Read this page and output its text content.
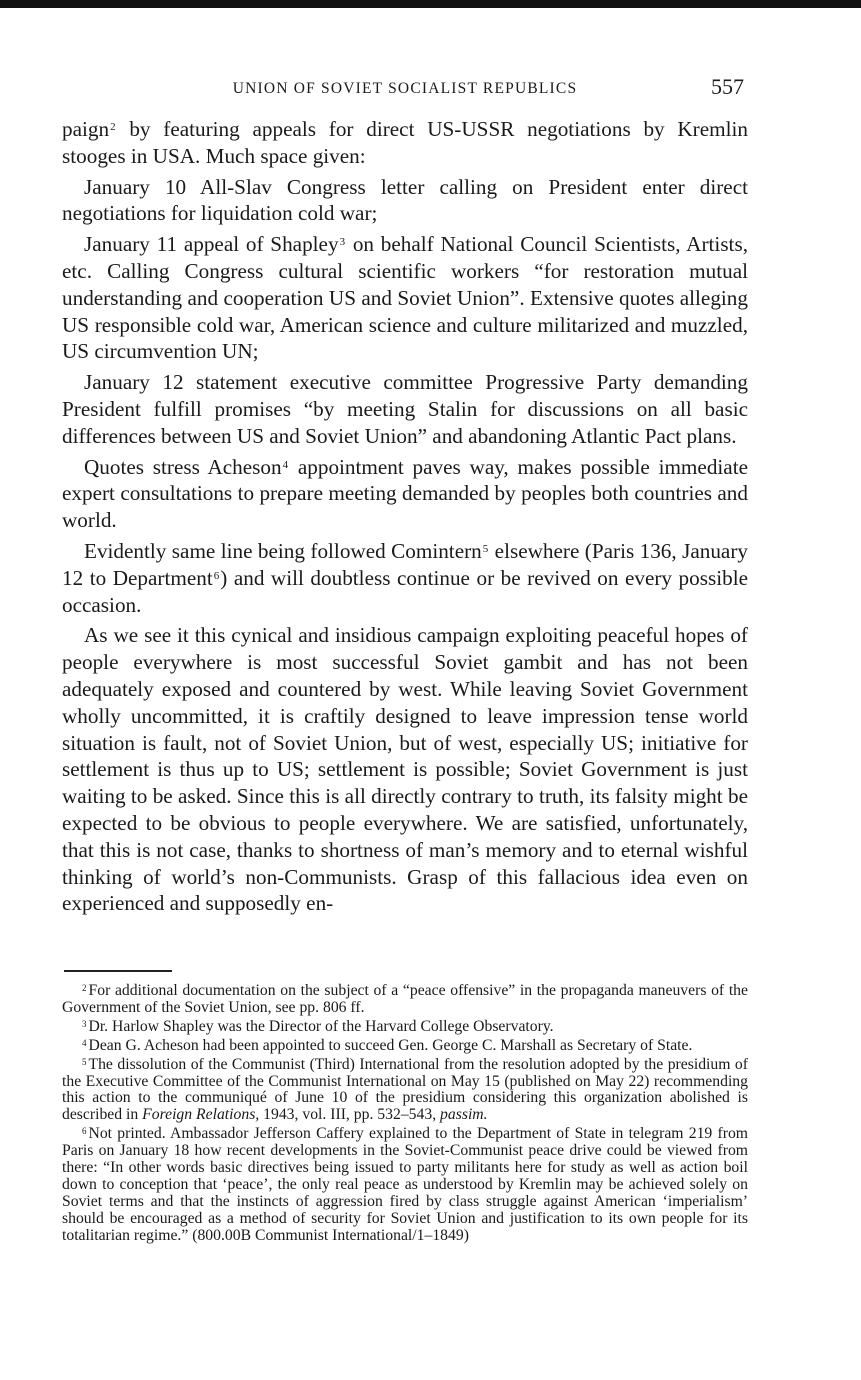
UNION OF SOVIET SOCIALIST REPUBLICS	557

paign$^2$ by featuring appeals for direct US-USSR negotiations by Kremlin stooges in USA. Much space given:

January 10 All-Slav Congress letter calling on President enter direct negotiations for liquidation cold war;

January 11 appeal of Shapley$^3$ on behalf National Council Scientists, Artists, etc. Calling Congress cultural scientific workers “for restoration mutual understanding and cooperation US and Soviet Union”. Extensive quotes alleging US responsible cold war, American science and culture militarized and muzzled, US circumvention UN;

January 12 statement executive committee Progressive Party demanding President fulfill promises “by meeting Stalin for discussions on all basic differences between US and Soviet Union” and abandoning Atlantic Pact plans.

Quotes stress Acheson$^4$ appointment paves way, makes possible immediate expert consultations to prepare meeting demanded by peoples both countries and world.

Evidently same line being followed Comintern$^5$ elsewhere (Paris 136, January 12 to Department$^6$) and will doubtless continue or be revived on every possible occasion.

As we see it this cynical and insidious campaign exploiting peaceful hopes of people everywhere is most successful Soviet gambit and has not been adequately exposed and countered by west. While leaving Soviet Government wholly uncommitted, it is craftily designed to leave impression tense world situation is fault, not of Soviet Union, but of west, especially US; initiative for settlement is thus up to US; settlement is possible; Soviet Government is just waiting to be asked. Since this is all directly contrary to truth, its falsity might be expected to be obvious to people everywhere. We are satisfied, unfortunately, that this is not case, thanks to shortness of man’s memory and to eternal wishful thinking of world’s non-Communists. Grasp of this fallacious idea even on experienced and supposedly en-

$^2$ For additional documentation on the subject of a “peace offensive” in the propaganda maneuvers of the Government of the Soviet Union, see pp. 806 ff.

$^3$ Dr. Harlow Shapley was the Director of the Harvard College Observatory.

$^4$ Dean G. Acheson had been appointed to succeed Gen. George C. Marshall as Secretary of State.

$^5$ The dissolution of the Communist (Third) International from the resolution adopted by the presidium of the Executive Committee of the Communist International on May 15 (published on May 22) recommending this action to the communiqué of June 10 of the presidium considering this organization abolished is described in Foreign Relations, 1943, vol. III, pp. 532–543, passim.

$^6$ Not printed. Ambassador Jefferson Caffery explained to the Department of State in telegram 219 from Paris on January 18 how recent developments in the Soviet-Communist peace drive could be viewed from there: “In other words basic directives being issued to party militants here for study as well as action boil down to conception that ‘peace’, the only real peace as understood by Kremlin may be achieved solely on Soviet terms and that the instincts of aggression fired by class struggle against American ‘imperialism’ should be encouraged as a method of security for Soviet Union and justification to its own people for its totalitarian regime.” (800.00B Communist International/1–1849)
